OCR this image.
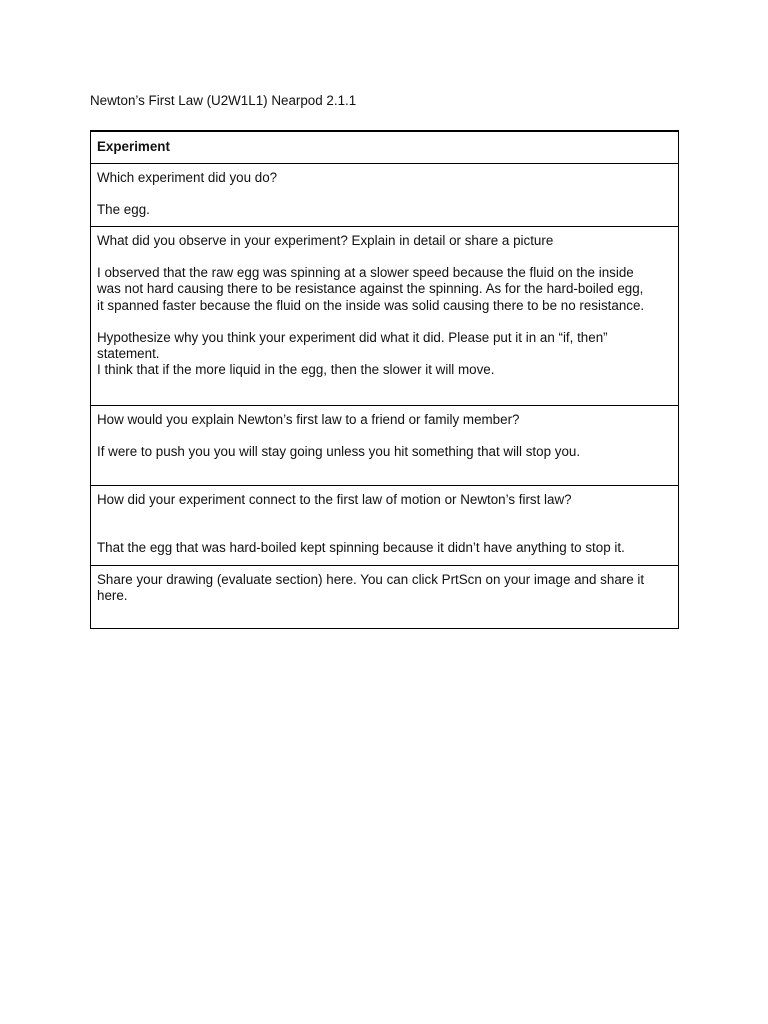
Newton’s First Law (U2W1L1) Nearpod 2.1.1
Experiment

Which experiment did you do?

The egg.

What did you observe in your experiment? Explain in detail or share a picture

I observed that the raw egg was spinning at a slower speed because the fluid on the inside

was not hard causing there to be resistance against the spinning. As for the hard-boiled egg,

it spanned faster because the fluid on the inside was solid causing there to be no resistance.

Hypothesize why you think your experiment did what it did. Please put it in an “if, then”

statement.

I think that if the more liquid in the egg, then the slower it will move.

How would you explain Newton’s first law to a friend or family member?

If were to push you you will stay going unless you hit something that will stop you.

How did your experiment connect to the first law of motion or Newton’s first law?

That the egg that was hard-boiled kept spinning because it didn’t have anything to stop it.

Share your drawing (evaluate section) here. You can click PrtScn on your image and share it

here.
